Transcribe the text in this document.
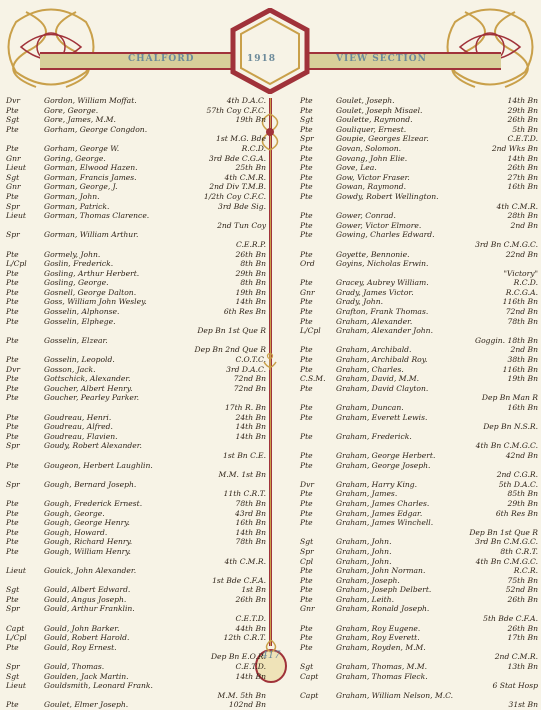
CHALFORD	VIEW SECTION
1918
417
Dvr	Gordon, William Moffat.	4th D.A.C.
Pte	Gore, George.	57th Coy C.F.C.
Sgt	Gore, James, M.M.	19th Bn
Pte	Gorham, George Congdon.
1st M.G. Bde
Pte	Gorham, George W.	R.C.D.
Gnr	Goring, George.	3rd Bde C.G.A.
Lieut	Gorman, Elwood Hazen.	25th Bn
Sgt	Gorman, Francis James.	4th C.M.R.
Gnr	Gorman, George, J.	2nd Div T.M.B.
Pte	Gorman, John.	1/2th Coy C.F.C.
Spr	Gorman, Patrick.	3rd Bde Sig.
Lieut	Gorman, Thomas Clarence.
2nd Tun Coy
Spr	Gorman, William Arthur.
C.E.R.P.
Pte	Gormely, John.	26th Bn
L/Cpl	Goslin, Frederick.	8th Bn
Pte	Gosling, Arthur Herbert.	29th Bn
Pte	Gosling, George.	8th Bn
Pte	Gosnell, George Dalton.	19th Bn
Pte	Goss, William John Wesley.	14th Bn
Pte	Gosselin, Alphonse.	6th Res Bn
Pte	Gosselin, Elphege.
Dep Bn 1st Que R
Pte	Gosselin, Elzear.
Dep Bn 2nd Que R
Pte	Gosselin, Leopold.	C.O.T.C.
Dvr	Gosson, Jack.	3rd D.A.C.
Pte	Gottschick, Alexander.	72nd Bn
Pte	Goucher, Albert Henry.	72nd Bn
Pte	Goucher, Pearley Parker.
17th R. Bn
Pte	Goudreau, Henri.	24th Bn
Pte	Goudreau, Alfred.	14th Bn
Pte	Goudreau, Flavien.	14th Bn
Spr	Goudy, Robert Alexander.
1st Bn C.E.
Pte	Gougeon, Herbert Laughlin.
M.M. 1st Bn
Spr	Gough, Bernard Joseph.
11th C.R.T.
Pte	Gough, Frederick Ernest.	78th Bn
Pte	Gough, George.	43rd Bn
Pte	Gough, George Henry.	16th Bn
Pte	Gough, Howard.	14th Bn
Pte	Gough, Richard Henry.	78th Bn
Pte	Gough, William Henry.
4th C.M.R.
Lieut	Gouick, John Alexander.
1st Bde C.F.A.
Sgt	Gould, Albert Edward.	1st Bn
Pte	Gould, Angus Joseph.	26th Bn
Spr	Gould, Arthur Franklin.
C.E.T.D.
Capt	Gould, John Barker.	44th Bn
L/Cpl	Gould, Robert Harold.	12th C.R.T.
Pte	Gould, Roy Ernest.
Dep Bn E.O.R.
Spr	Gould, Thomas.	C.E.T.D.
Sgt	Goulden, Jack Martin.	14th Bn
Lieut	Gouldsmith, Leonard Frank.
M.M. 5th Bn
Pte	Goulet, Elmer Joseph.	102nd Bn
Pte	Goulet, Joseph.	14th Bn
Pte	Goulet, Joseph Misael.	29th Bn
Sgt	Goulette, Raymond.	26th Bn
Pte	Gouliquer, Ernest.	5th Bn
Spr	Goupie, Georges Elzear.	C.E.T.D.
Pte	Govan, Solomon.	2nd Wks Bn
Pte	Govang, John Elie.	14th Bn
Pte	Gove, Lea.	26th Bn
Pte	Gow, Victor Fraser.	27th Bn
Pte	Gowan, Raymond.	16th Bn
Pte	Gowdy, Robert Wellington.
4th C.M.R.
Pte	Gower, Conrad.	28th Bn
Pte	Gower, Victor Elmore.	2nd Bn
Pte	Gowing, Charles Edward.
3rd Bn C.M.G.C.
Pte	Goyette, Bennonie.	22nd Bn
Ord	Goyins, Nicholas Erwin.
"Victory"
Pte	Gracey, Aubrey William.	R.C.D.
Gnr	Grady, James Victor.	R.C.G.A.
Pte	Grady, John.	116th Bn
Pte	Grafton, Frank Thomas.	72nd Bn
Pte	Graham, Alexander.	78th Bn
L/Cpl	Graham, Alexander John.
Goggin. 18th Bn
Pte	Graham, Archibald.	2nd Bn
Pte	Graham, Archibald Roy.	38th Bn
Pte	Graham, Charles.	116th Bn
C.S.M.	Graham, David, M.M.	19th Bn
Pte	Graham, David Clayton.
Dep Bn Man R
Pte	Graham, Duncan.	16th Bn
Pte	Graham, Everett Lewis.
Dep Bn N.S.R.
Pte	Graham, Frederick.
4th Bn C.M.G.C.
Pte	Graham, George Herbert.	42nd Bn
Pte	Graham, George Joseph.
2nd C.G.R.
Dvr	Graham, Harry King.	5th D.A.C.
Pte	Graham, James.	85th Bn
Pte	Graham, James Charles.	29th Bn
Pte	Graham, James Edgar.	6th Res Bn
Pte	Graham, James Winchell.
Dep Bn 1st Que R
Sgt	Graham, John.	3rd Bn C.M.G.C.
Spr	Graham, John.	8th C.R.T.
Cpl	Graham, John.	4th Bn C.M.G.C.
Pte	Graham, John Norman.	R.C.R.
Pte	Graham, Joseph.	75th Bn
Pte	Graham, Joseph Delbert.	52nd Bn
Pte	Graham, Leith.	26th Bn
Gnr	Graham, Ronald Joseph.
5th Bde C.F.A.
Pte	Graham, Roy Eugene.	26th Bn
Pte	Graham, Roy Everett.	17th Bn
Pte	Graham, Royden, M.M.
2nd C.M.R.
Sgt	Graham, Thomas, M.M.	13th Bn
Capt	Graham, Thomas Fleck.
6 Stat Hosp
Capt	Graham, William Nelson, M.C.
31st Bn
